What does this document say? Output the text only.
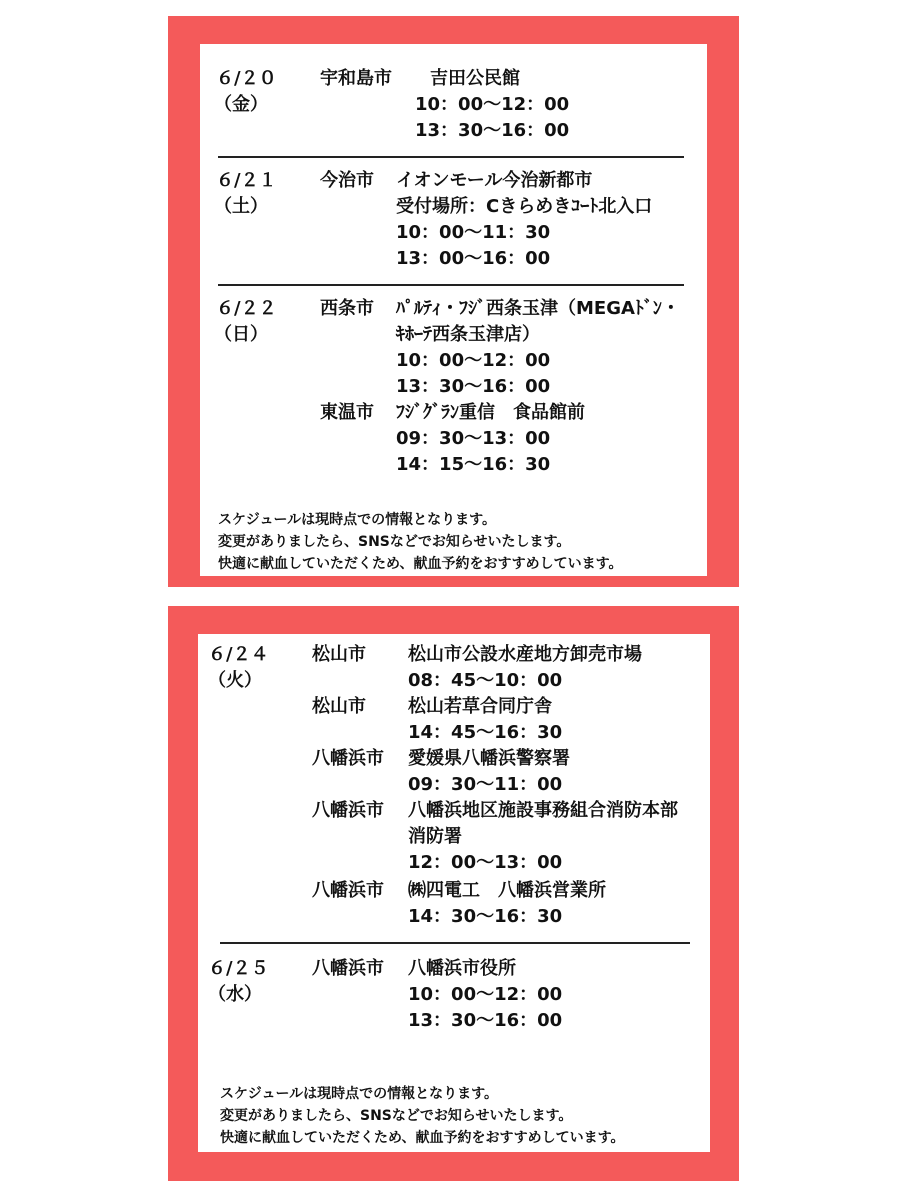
６/２０
（金）
宇和島市 吉田公民館
10：00〜12：00
13：30〜16：00
６/２１
（土）
今治市 イオンモール今治新都市
受付場所：Cきらめきｺｰﾄ北入口
10：00〜11：30
13：00〜16：00
６/２２
（日）
西条市 ﾊﾟﾙﾃｨ・ﾌｼﾞ西条玉津（MEGAﾄﾞﾝ・
ｷﾎｰﾃ西条玉津店）
10：00〜12：00
13：30〜16：00
東温市 ﾌｼﾞｸﾞﾗﾝ重信　食品館前
09：30〜13：00
14：15〜16：30
スケジュールは現時点での情報となります。
変更がありましたら、SNSなどでお知らせいたします。
快適に献血していただくため、献血予約をおすすめしています。
６/２４
（火）
松山市 松山市公設水産地方卸売市場
08：45〜10：00
松山市 松山若草合同庁舎
14：45〜16：30
八幡浜市 愛媛県八幡浜警察署
09：30〜11：00
八幡浜市 八幡浜地区施設事務組合消防本部
消防署
12：00〜13：00
八幡浜市 ㈱四電工　八幡浜営業所
14：30〜16：30
６/２５
（水）
八幡浜市 八幡浜市役所
10：00〜12：00
13：30〜16：00
スケジュールは現時点での情報となります。
変更がありましたら、SNSなどでお知らせいたします。
快適に献血していただくため、献血予約をおすすめしています。
